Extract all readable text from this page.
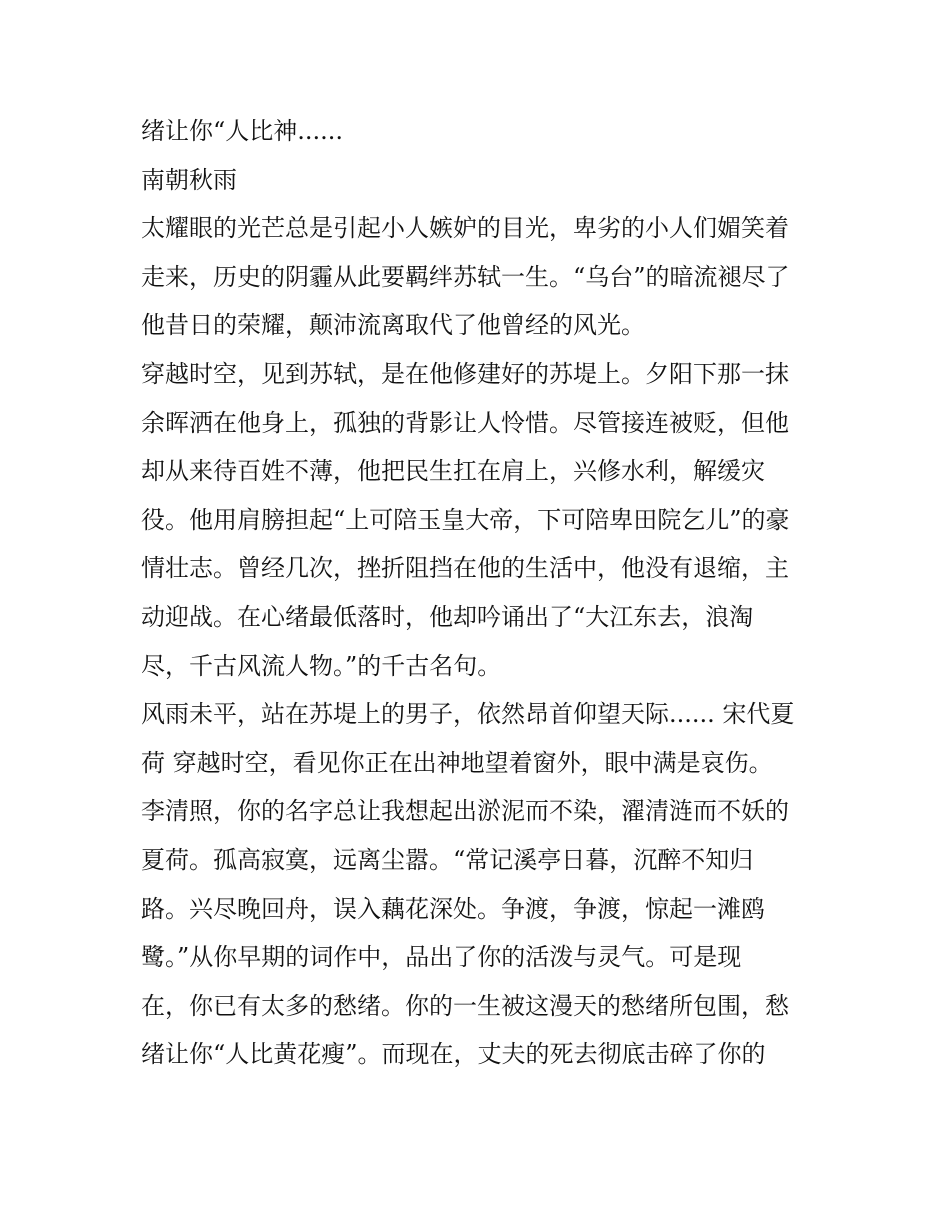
绪让你“人比神......
南朝秋雨
太耀眼的光芒总是引起小人嫉妒的目光，卑劣的小人们媚笑着
走来，历史的阴霾从此要羁绊苏轼一生。“乌台”的暗流褪尽了
他昔日的荣耀，颠沛流离取代了他曾经的风光。
穿越时空，见到苏轼，是在他修建好的苏堤上。夕阳下那一抹
余晖洒在他身上，孤独的背影让人怜惜。尽管接连被贬，但他
却从来待百姓不薄，他把民生扛在肩上，兴修水利，解缓灾
役。他用肩膀担起“上可陪玉皇大帝，下可陪卑田院乞儿”的豪
情壮志。曾经几次，挫折阻挡在他的生活中，他没有退缩，主
动迎战。在心绪最低落时，他却吟诵出了“大江东去，浪淘
尽，千古风流人物。”的千古名句。
风雨未平，站在苏堤上的男子，依然昂首仰望天际...... 宋代夏
荷 穿越时空，看见你正在出神地望着窗外，眼中满是哀伤。
李清照，你的名字总让我想起出淤泥而不染，濯清涟而不妖的
夏荷。孤高寂寞，远离尘嚣。“常记溪亭日暮，沉醉不知归
路。兴尽晚回舟，误入藕花深处。争渡，争渡，惊起一滩鸥
鹭。”从你早期的词作中，品出了你的活泼与灵气。可是现
在，你已有太多的愁绪。你的一生被这漫天的愁绪所包围，愁
绪让你“人比黄花瘦”。而现在，丈夫的死去彻底击碎了你的
